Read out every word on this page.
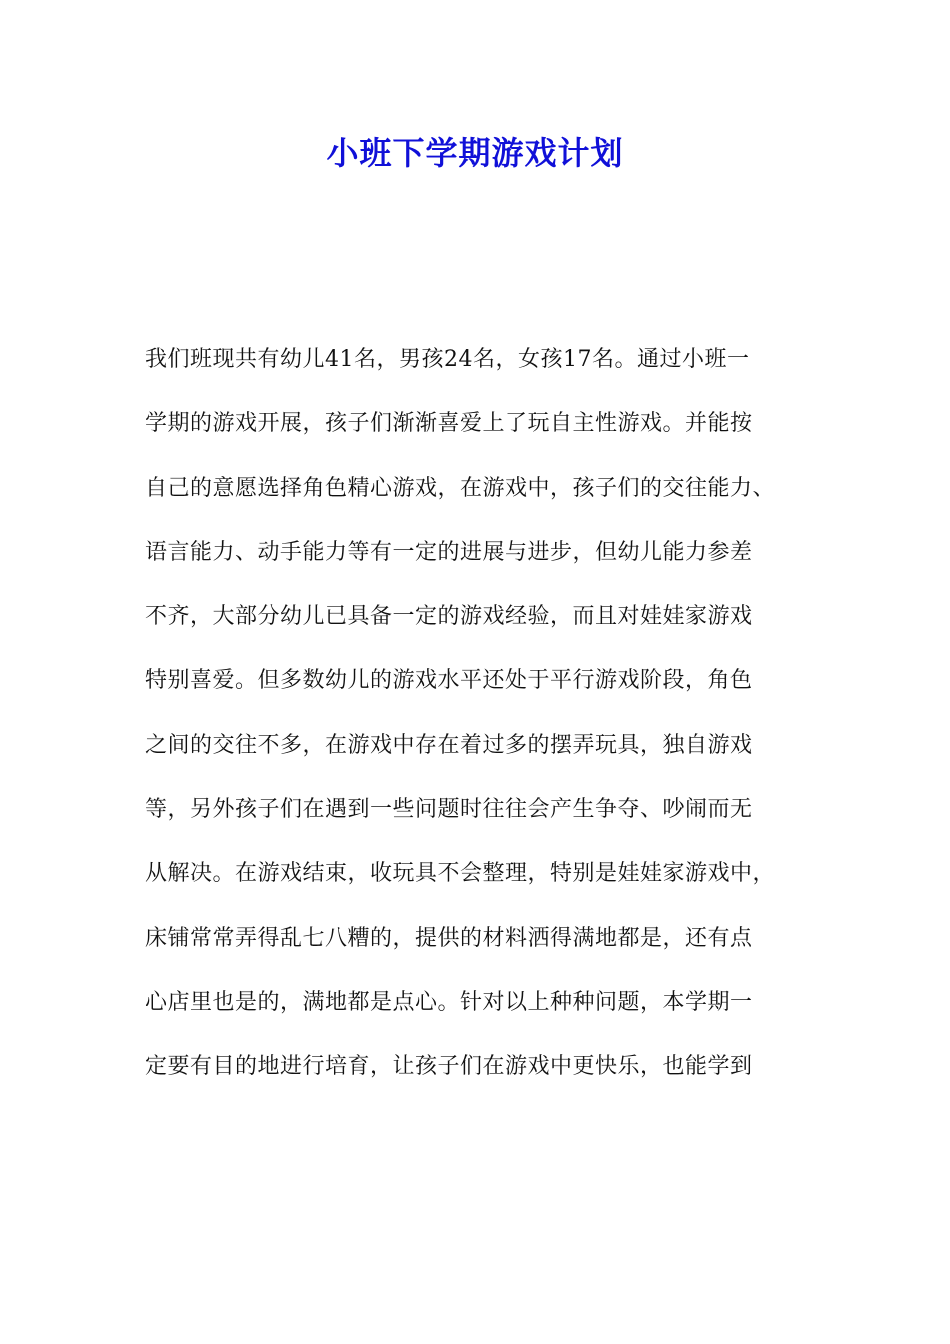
小班下学期游戏计划
我们班现共有幼儿41名，男孩24名，女孩17名。通过小班一
学期的游戏开展，孩子们渐渐喜爱上了玩自主性游戏。并能按
自己的意愿选择角色精心游戏，在游戏中，孩子们的交往能力、
语言能力、动手能力等有一定的进展与进步，但幼儿能力参差
不齐，大部分幼儿已具备一定的游戏经验，而且对娃娃家游戏
特别喜爱。但多数幼儿的游戏水平还处于平行游戏阶段，角色
之间的交往不多，在游戏中存在着过多的摆弄玩具，独自游戏
等，另外孩子们在遇到一些问题时往往会产生争夺、吵闹而无
从解决。在游戏结束，收玩具不会整理，特别是娃娃家游戏中，
床铺常常弄得乱七八糟的，提供的材料洒得满地都是，还有点
心店里也是的，满地都是点心。针对以上种种问题，本学期一
定要有目的地进行培育，让孩子们在游戏中更快乐，也能学到
